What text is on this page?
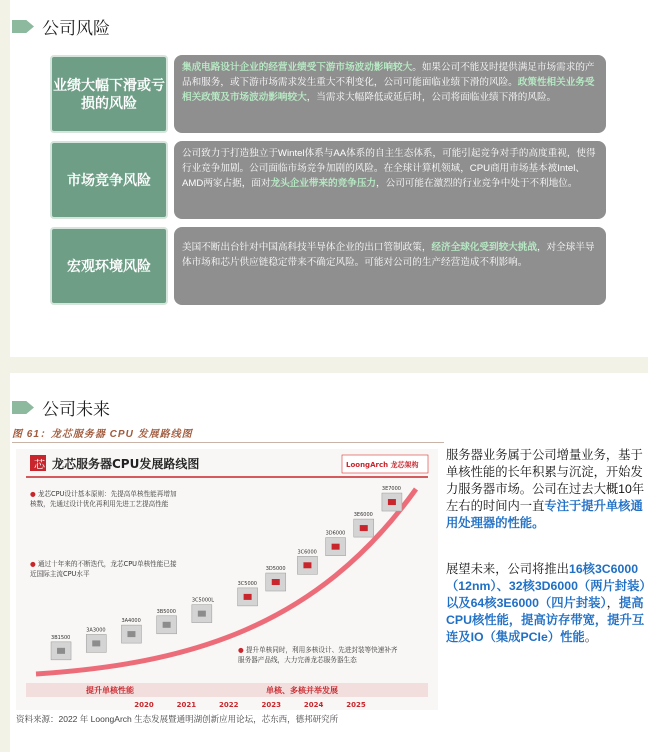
公司风险
业绩大幅下滑或亏损的风险
集成电路设计企业的经营业绩受下游市场波动影响较大。如果公司不能及时提供满足市场需求的产品和服务，或下游市场需求发生重大不利变化，公司可能面临业绩下滑的风险。政策性相关业务受相关政策及市场波动影响较大，当需求大幅降低或延后时，公司将面临业绩下滑的风险。
市场竞争风险
公司致力于打造独立于Wintel体系与AA体系的自主生态体系，可能引起竞争对手的高度重视，使得行业竞争加剧。公司面临市场竞争加剧的风险。在全球计算机领域，CPU商用市场基本被Intel、AMD两家占据，面对龙头企业带来的竞争压力，公司可能在激烈的行业竞争中处于不利地位。
宏观环境风险
美国不断出台针对中国高科技半导体企业的出口管制政策，经济全球化受到较大挑战，对全球半导体市场和芯片供应链稳定带来不确定风险。可能对公司的生产经营造成不利影响。
公司未来
图 61：龙芯服务器 CPU 发展路线图
芯 龙芯服务器CPU发展路线图	LoongArch 龙芯架构
● 龙芯CPU设计基本原则：先提高单核性能再增加核数，先通过设计优化再利用先进工艺提高性能
● 通过十年来的不断迭代，龙芯CPU单核性能已接近国际主流CPU水平
● 提升单核同时，利用多核设计、先进封装等快速补齐服务器产品线，大力完善龙芯服务器生态
3B1500
3A3000
3A4000
3B5000
3C5000L
3C5000
3D5000
3C6000
3D6000
3E6000
3E7000
提升单核性能	单核、多核并举发展
2020	2021	2022	2023	2024	2025
资料来源：2022 年 LoongArch 生态发展暨通明湖创新应用论坛，芯东西，德邦研究所
服务器业务属于公司增量业务，基于单核性能的长年积累与沉淀，开始发力服务器市场。公司在过去大概10年左右的时间内一直专注于提升单核通用处理器的性能。
展望未来，公司将推出16核3C6000（12nm）、32核3D6000（两片封装）以及64核3E6000（四片封装），提高CPU核性能，提高访存带宽，提升互连及IO（集成PCIe）性能。
